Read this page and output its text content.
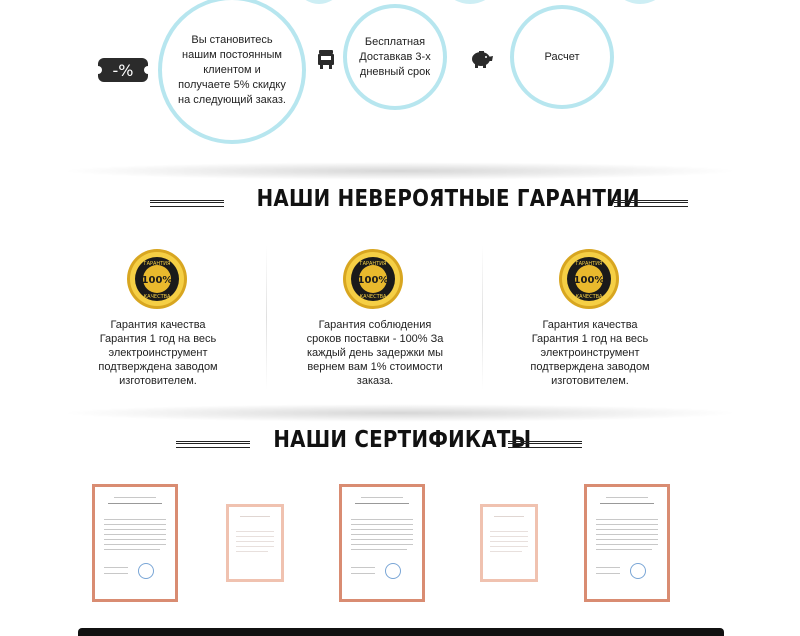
-%
Вы становитесь нашим постоянным клиентом и получаете 5% скидку на следующий заказ.
Бесплатная Доставкав 3-х дневный срок
Расчет
НАШИ НЕВЕРОЯТНЫЕ ГАРАНТИИ
100%
ГАРАНТИЯ
КАЧЕСТВА
100%
ГАРАНТИЯ
КАЧЕСТВА
100%
ГАРАНТИЯ
КАЧЕСТВА
Гарантия качества Гарантия 1 год на весь электроинструмент подтверждена заводом изготовителем.
Гарантия соблюдения сроков поставки - 100% За каждый день задержки мы вернем вам 1% стоимости заказа.
Гарантия качества Гарантия 1 год на весь электроинструмент подтверждена заводом изготовителем.
НАШИ СЕРТИФИКАТЫ
